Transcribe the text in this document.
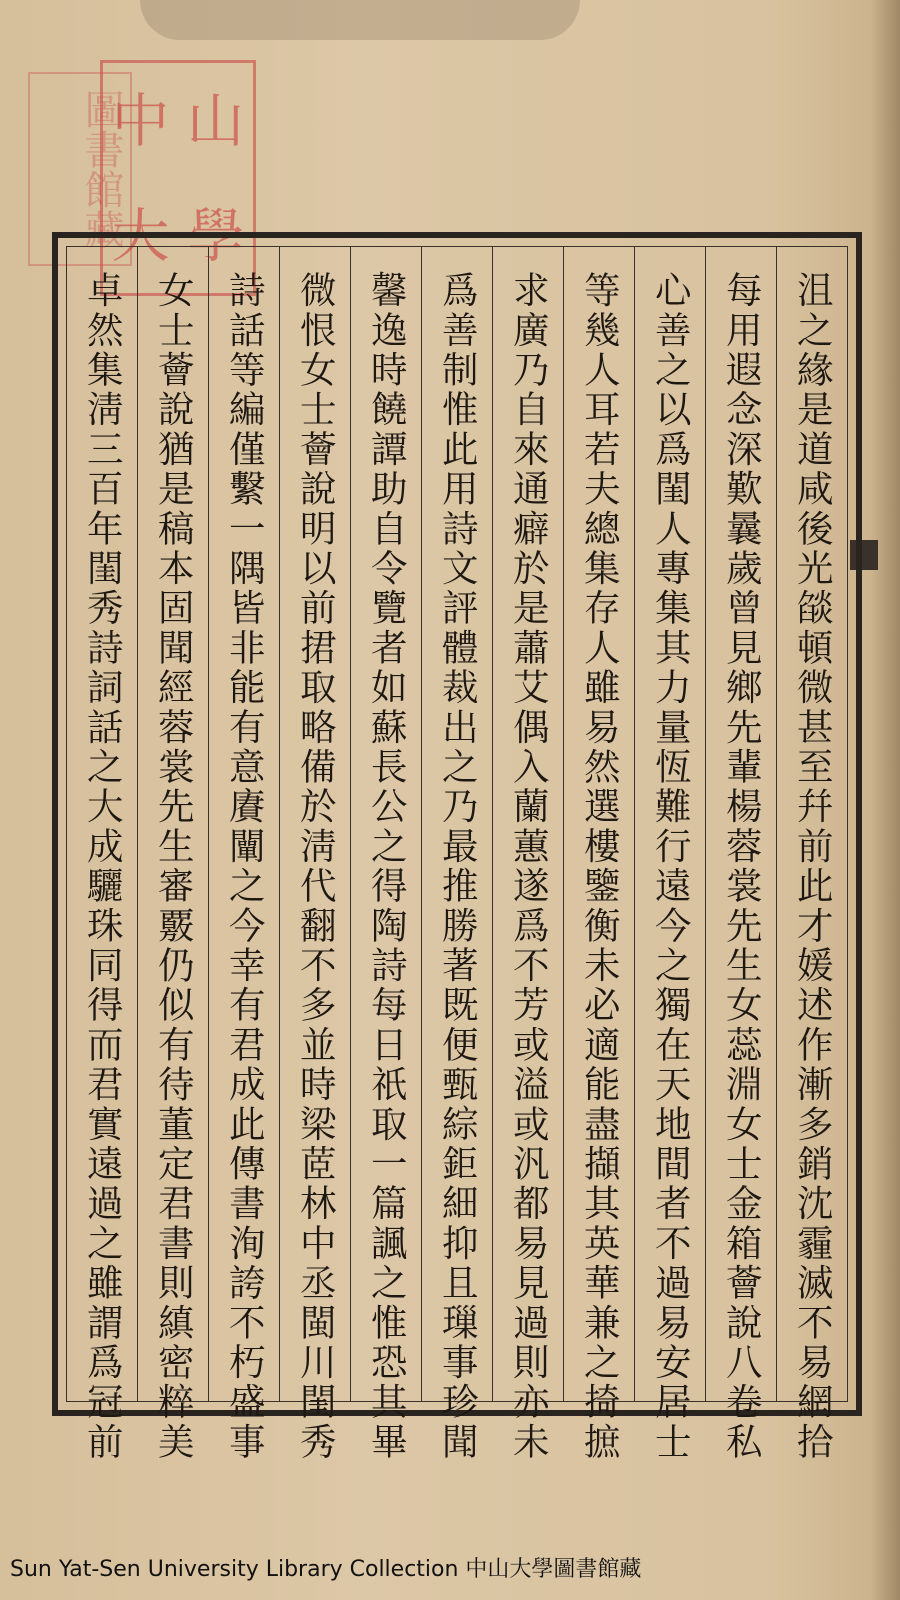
中 山
大 學
圖書館藏
沮之緣是道咸後光燄頓微甚至幷前此才媛述作漸多銷沈霾滅不易網拾
每用遐念深歎曩歲曾見鄉先輩楊蓉裳先生女蕊淵女士金箱薈說八卷私
心善之以爲閨人專集其力量恆難行遠今之獨在天地間者不過易安居士
等幾人耳若夫總集存人雖易然選樓鑒衡未必適能盡擷其英華兼之掎摭
求廣乃自來通癖於是蕭艾偶入蘭蕙遂爲不芳或溢或汎都易見過則亦未
爲善制惟此用詩文評體裁出之乃最推勝著既便甄綜鉅細抑且璅事珍聞
馨逸時饒譚助自令覽者如蘇長公之得陶詩每日祇取一篇諷之惟恐其畢
微恨女士薈說明以前捃取略備於淸代翻不多並時梁茝林中丞閩川閨秀
詩話等編僅繫一隅皆非能有意賡闡之今幸有君成此傳書洵誇不朽盛事
女士薈說猶是稿本固聞經蓉裳先生審覈仍似有待董定君書則縝密粹美
卓然集淸三百年閨秀詩詞話之大成驪珠同得而君實遠過之雖謂爲冠前
Sun Yat-Sen University Library Collection 中山大學圖書館藏
